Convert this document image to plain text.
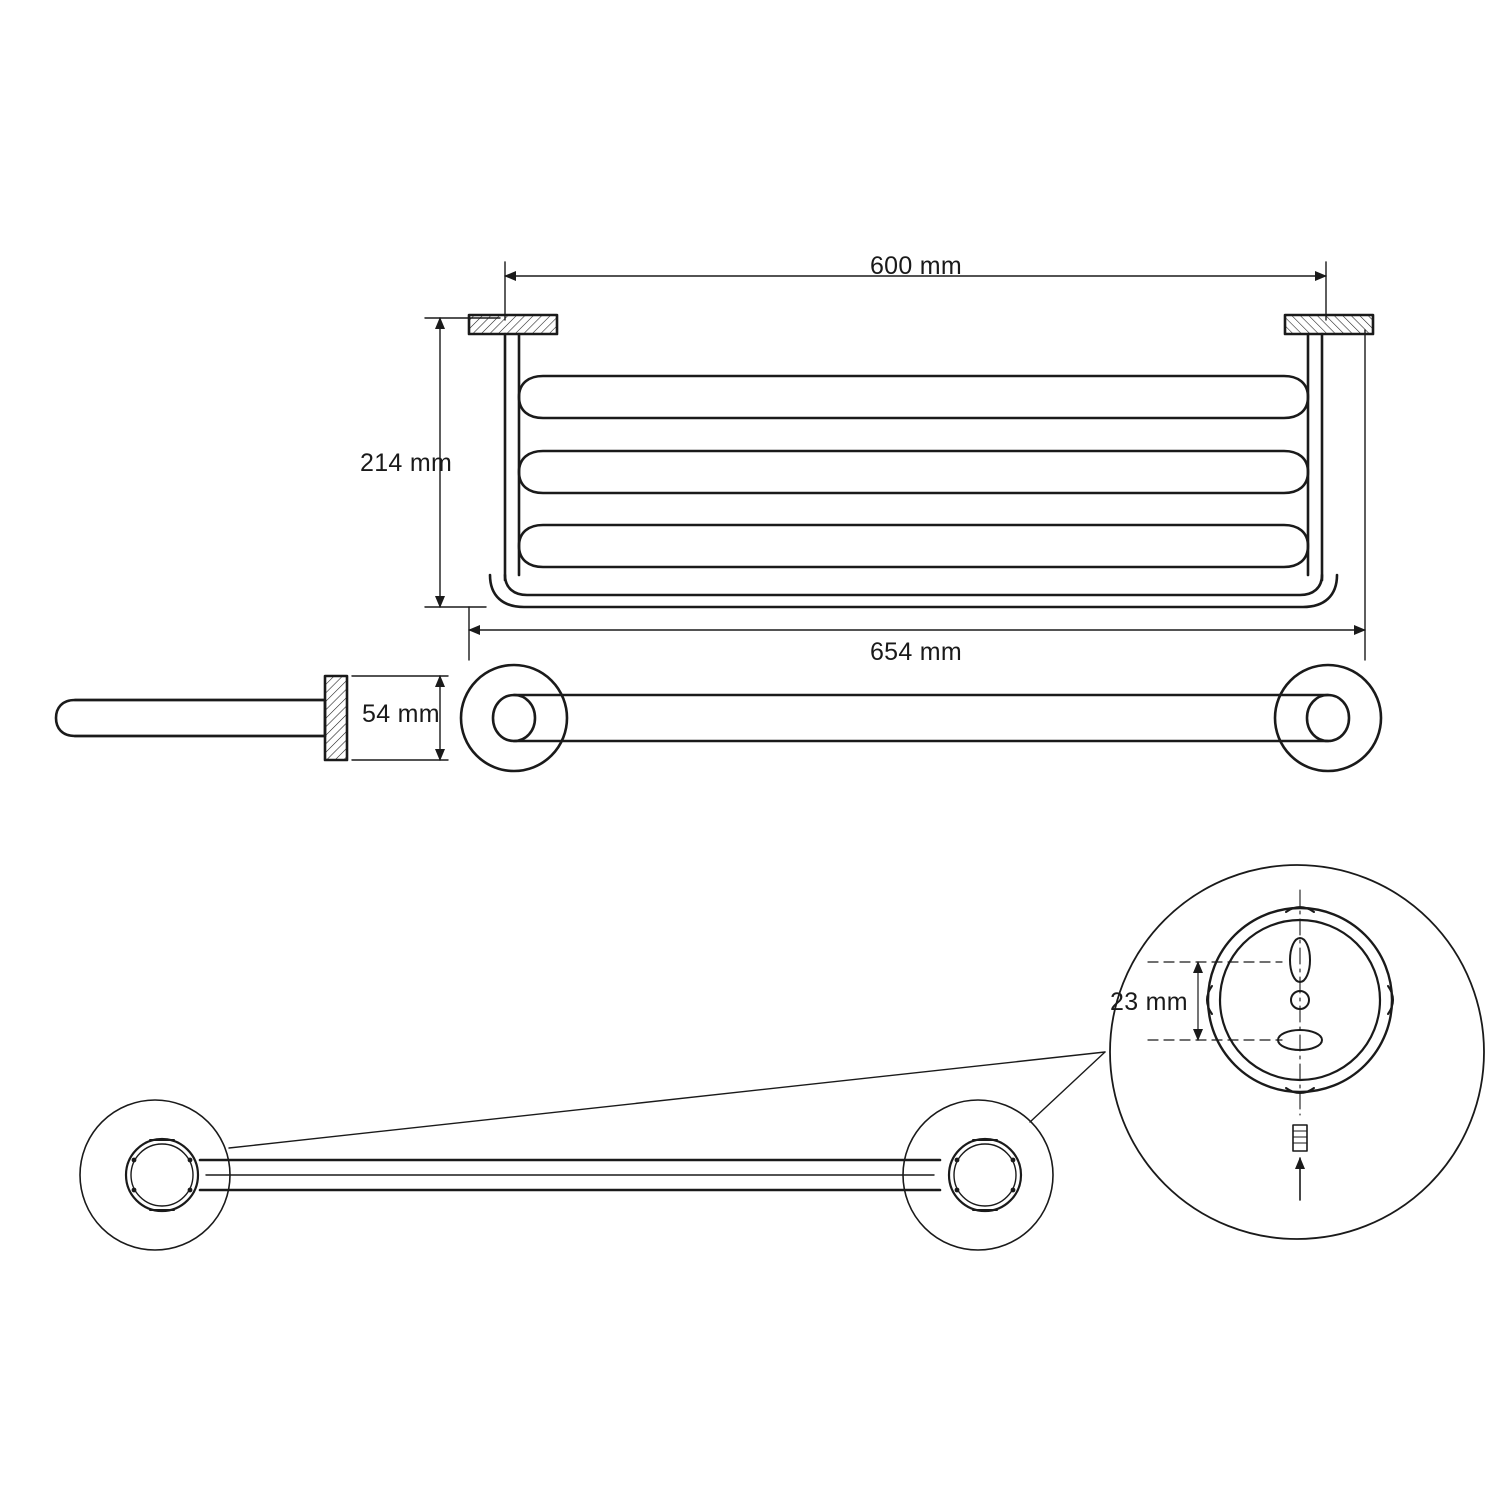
600 mm
214 mm
654 mm
54 mm
23 mm
